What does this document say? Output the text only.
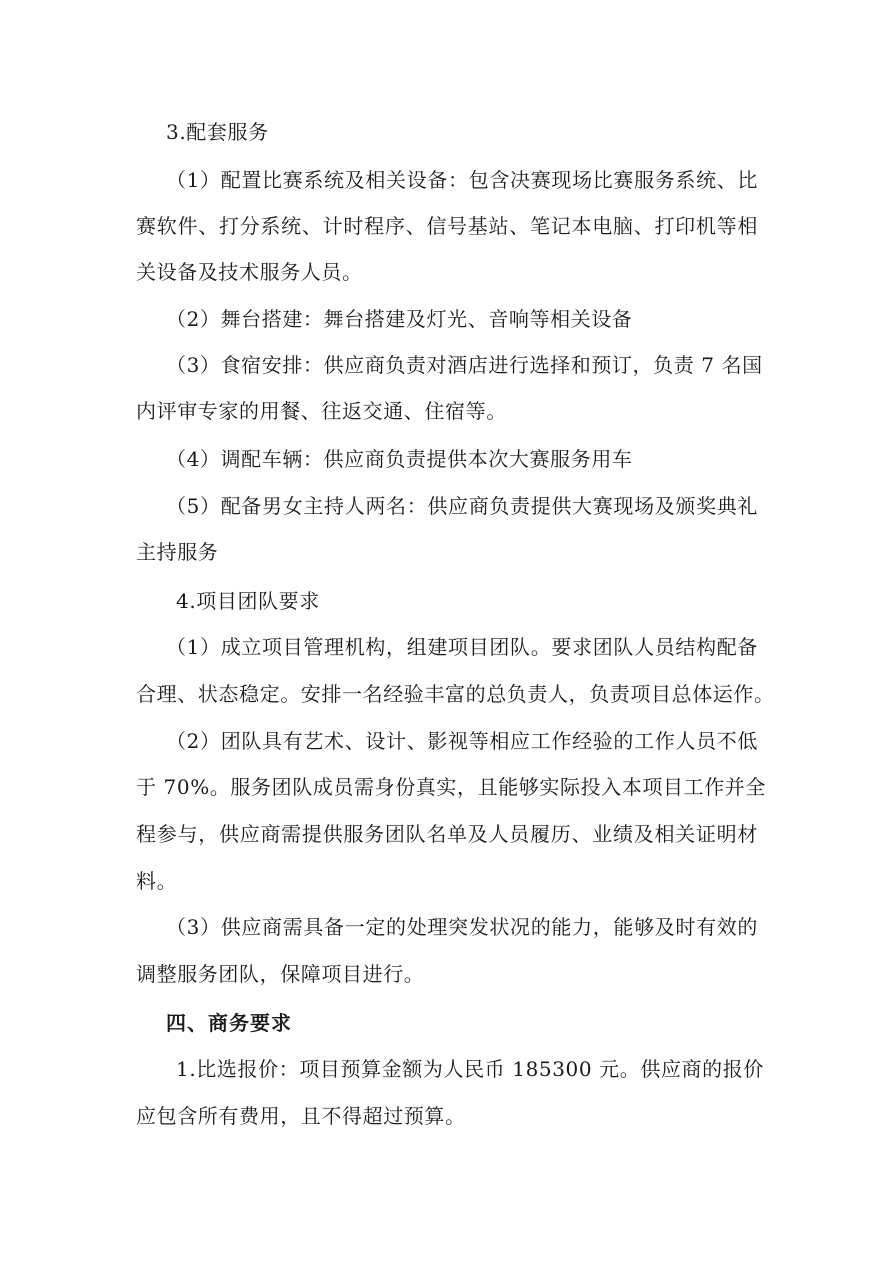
3.配套服务
（1）配置比赛系统及相关设备：包含决赛现场比赛服务系统、比
赛软件、打分系统、计时程序、信号基站、笔记本电脑、打印机等相
关设备及技术服务人员。
（2）舞台搭建：舞台搭建及灯光、音响等相关设备
（3）食宿安排：供应商负责对酒店进行选择和预订，负责 7 名国
内评审专家的用餐、往返交通、住宿等。
（4）调配车辆：供应商负责提供本次大赛服务用车
（5）配备男女主持人两名：供应商负责提供大赛现场及颁奖典礼
主持服务
4.项目团队要求
（1）成立项目管理机构，组建项目团队。要求团队人员结构配备
合理、状态稳定。安排一名经验丰富的总负责人，负责项目总体运作。
（2）团队具有艺术、设计、影视等相应工作经验的工作人员不低
于 70%。服务团队成员需身份真实，且能够实际投入本项目工作并全
程参与，供应商需提供服务团队名单及人员履历、业绩及相关证明材
料。
（3）供应商需具备一定的处理突发状况的能力，能够及时有效的
调整服务团队，保障项目进行。
四、商务要求
1.比选报价：项目预算金额为人民币 185300 元。供应商的报价
应包含所有费用，且不得超过预算。
